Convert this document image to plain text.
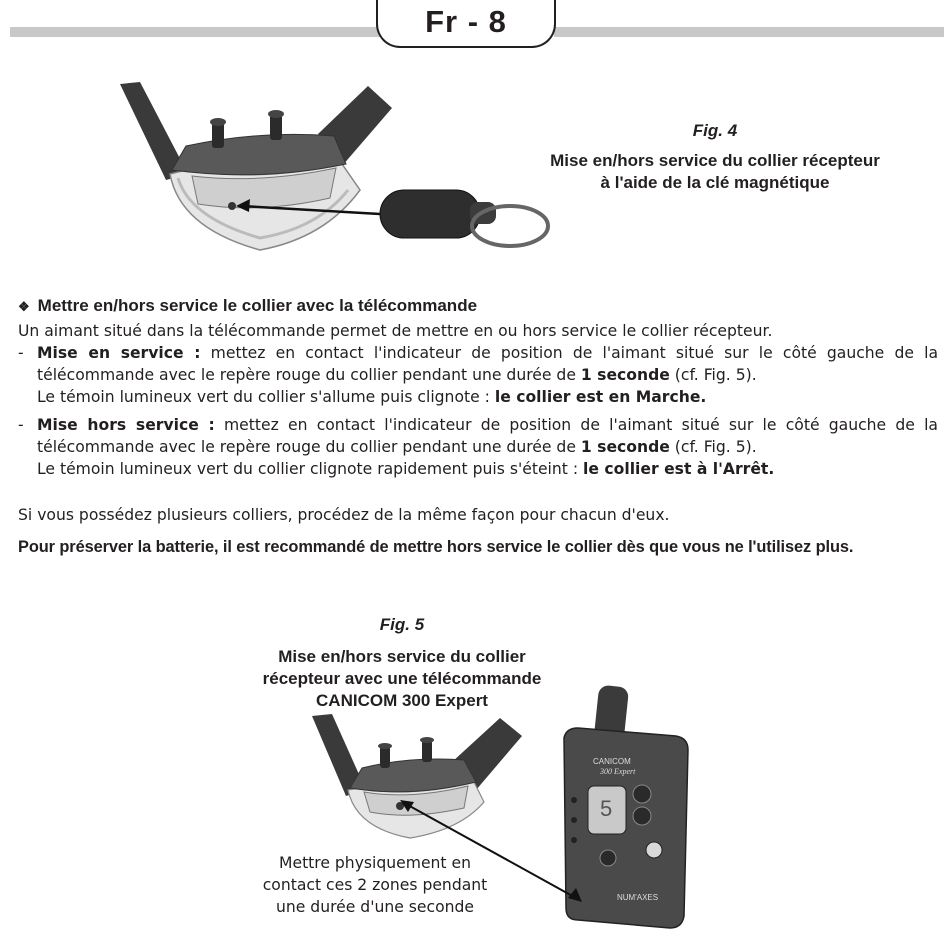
Fr - 8
Fig. 4
Mise en/hors service du collier récepteur
à l'aide de la clé magnétique
❖ Mettre en/hors service le collier avec la télécommande
Un aimant situé dans la télécommande permet de mettre en ou hors service le collier récepteur.
- Mise en service : mettez en contact l'indicateur de position de l'aimant situé sur le côté gauche de la télécommande avec le repère rouge du collier pendant une durée de 1 seconde (cf. Fig. 5).
Le témoin lumineux vert du collier s'allume puis clignote : le collier est en Marche.
- Mise hors service : mettez en contact l'indicateur de position de l'aimant situé sur le côté gauche de la télécommande avec le repère rouge du collier pendant une durée de 1 seconde (cf. Fig. 5).
Le témoin lumineux vert du collier clignote rapidement puis s'éteint : le collier est à l'Arrêt.
Si vous possédez plusieurs colliers, procédez de la même façon pour chacun d'eux.
Pour préserver la batterie, il est recommandé de mettre hors service le collier dès que vous ne l'utilisez plus.
Fig. 5
Mise en/hors service du collier
récepteur avec une télécommande
CANICOM 300 Expert
CANICOM
300 Expert
5
NUM'AXES
Mettre physiquement en
contact ces 2 zones pendant
une durée d'une seconde
